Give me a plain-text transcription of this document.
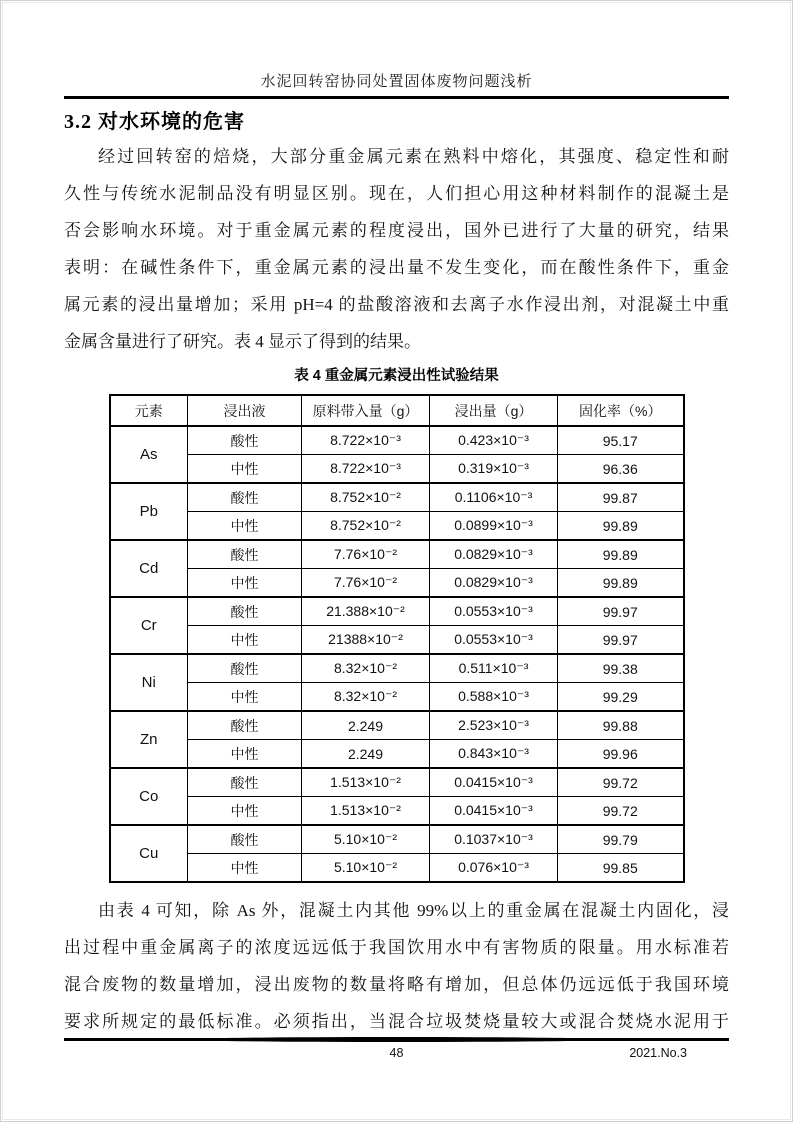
水泥回转窑协同处置固体废物问题浅析
3.2 对水环境的危害
经过回转窑的焙烧，大部分重金属元素在熟料中熔化，其强度、稳定性和耐
久性与传统水泥制品没有明显区别。现在，人们担心用这种材料制作的混凝土是
否会影响水环境。对于重金属元素的程度浸出，国外已进行了大量的研究，结果
表明：在碱性条件下，重金属元素的浸出量不发生变化，而在酸性条件下，重金
属元素的浸出量增加；采用 pH=4 的盐酸溶液和去离子水作浸出剂，对混凝土中重
金属含量进行了研究。表 4 显示了得到的结果。
表 4 重金属元素浸出性试验结果
元素	浸出液	原料带入量（g）	浸出量（g）	固化率（%）
As	酸性	8.722×10⁻³	0.423×10⁻³	95.17
	中性	8.722×10⁻³	0.319×10⁻³	96.36
Pb	酸性	8.752×10⁻²	0.1106×10⁻³	99.87
	中性	8.752×10⁻²	0.0899×10⁻³	99.89
Cd	酸性	7.76×10⁻²	0.0829×10⁻³	99.89
	中性	7.76×10⁻²	0.0829×10⁻³	99.89
Cr	酸性	21.388×10⁻²	0.0553×10⁻³	99.97
	中性	21388×10⁻²	0.0553×10⁻³	99.97
Ni	酸性	8.32×10⁻²	0.511×10⁻³	99.38
	中性	8.32×10⁻²	0.588×10⁻³	99.29
Zn	酸性	2.249	2.523×10⁻³	99.88
	中性	2.249	0.843×10⁻³	99.96
Co	酸性	1.513×10⁻²	0.0415×10⁻³	99.72
	中性	1.513×10⁻²	0.0415×10⁻³	99.72
Cu	酸性	5.10×10⁻²	0.1037×10⁻³	99.79
	中性	5.10×10⁻²	0.076×10⁻³	99.85
由表 4 可知，除 As 外，混凝土内其他 99%以上的重金属在混凝土内固化，浸
出过程中重金属离子的浓度远远低于我国饮用水中有害物质的限量。用水标准若
混合废物的数量增加，浸出废物的数量将略有增加，但总体仍远远低于我国环境
要求所规定的最低标准。必须指出，当混合垃圾焚烧量较大或混合焚烧水泥用于
48	2021.No.3
